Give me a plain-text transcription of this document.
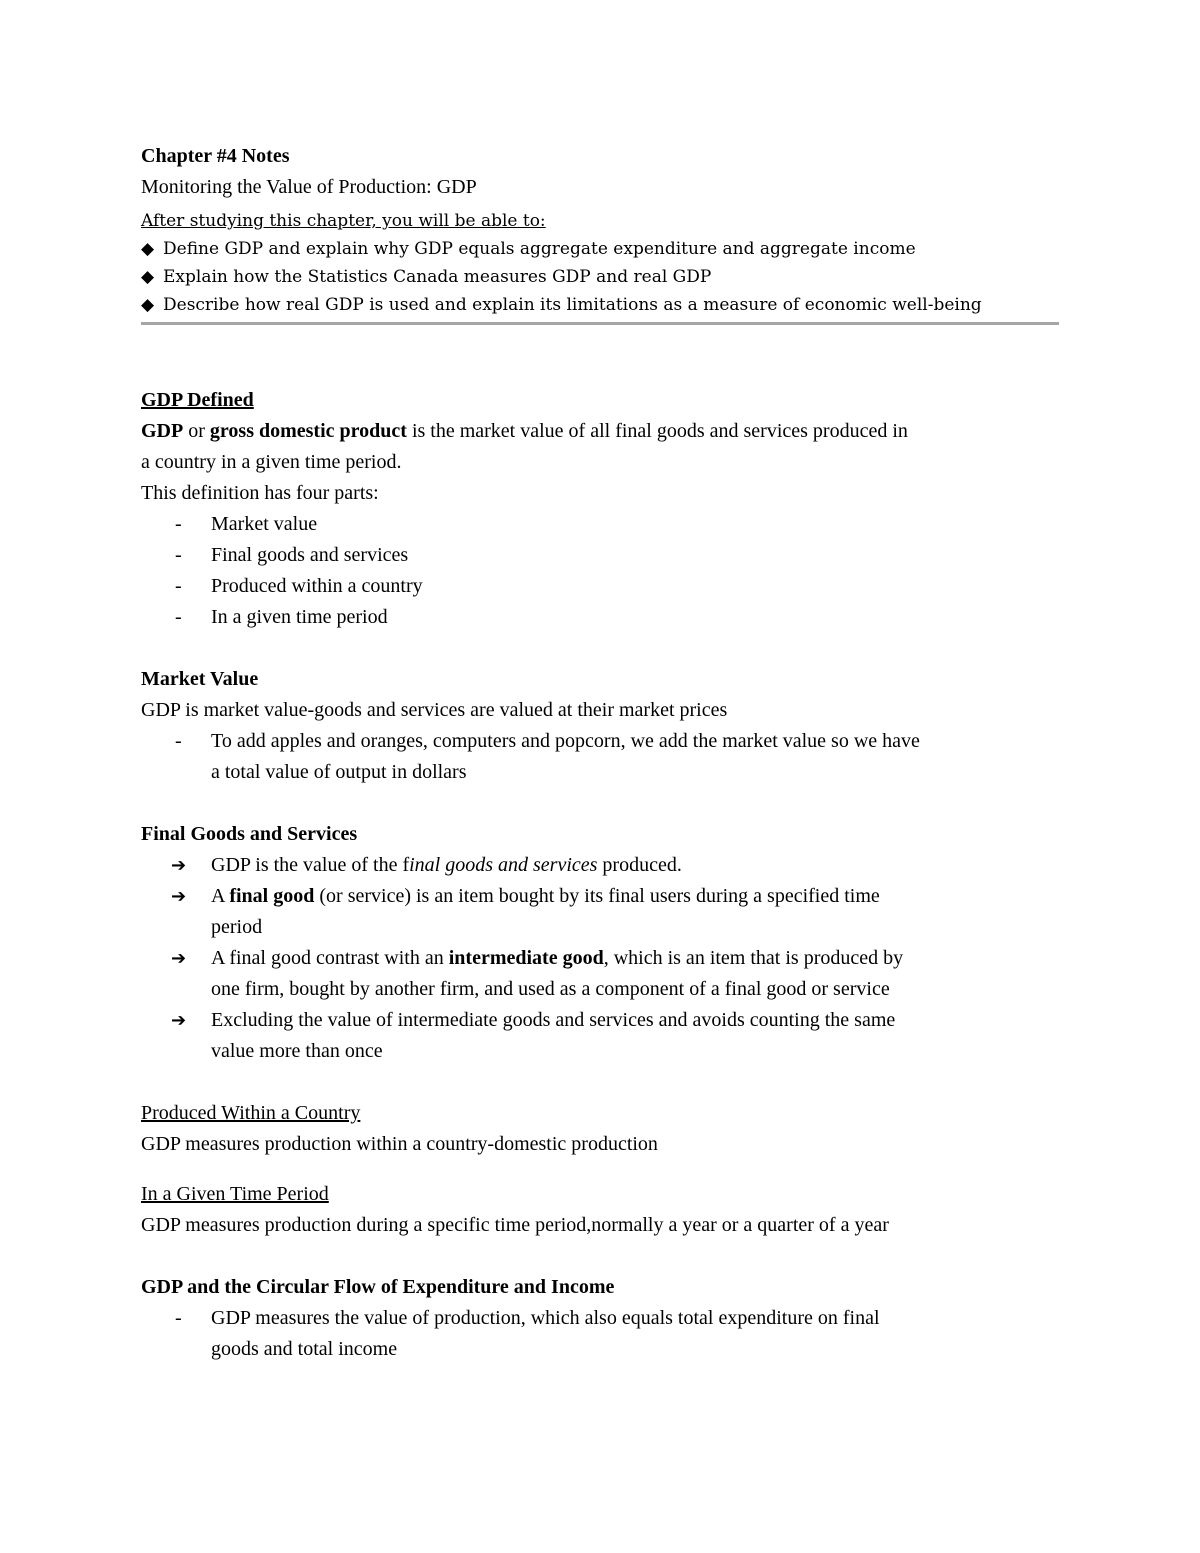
Chapter #4 Notes
Monitoring the Value of Production: GDP
After studying this chapter, you will be able to:
◆ Define GDP and explain why GDP equals aggregate expenditure and aggregate income
◆ Explain how the Statistics Canada measures GDP and real GDP
◆ Describe how real GDP is used and explain its limitations as a measure of economic well-being
GDP Defined
GDP or gross domestic product is the market value of all final goods and services produced in
a country in a given time period.
This definition has four parts:
- Market value
- Final goods and services
- Produced within a country
- In a given time period
Market Value
GDP is market value-goods and services are valued at their market prices
- To add apples and oranges, computers and popcorn, we add the market value so we have
a total value of output in dollars
Final Goods and Services
➔ GDP is the value of the final goods and services produced.
➔ A final good (or service) is an item bought by its final users during a specified time
period
➔ A final good contrast with an intermediate good, which is an item that is produced by
one firm, bought by another firm, and used as a component of a final good or service
➔ Excluding the value of intermediate goods and services and avoids counting the same
value more than once
Produced Within a Country
GDP measures production within a country-domestic production
In a Given Time Period
GDP measures production during a specific time period,normally a year or a quarter of a year
GDP and the Circular Flow of Expenditure and Income
- GDP measures the value of production, which also equals total expenditure on final
goods and total income
